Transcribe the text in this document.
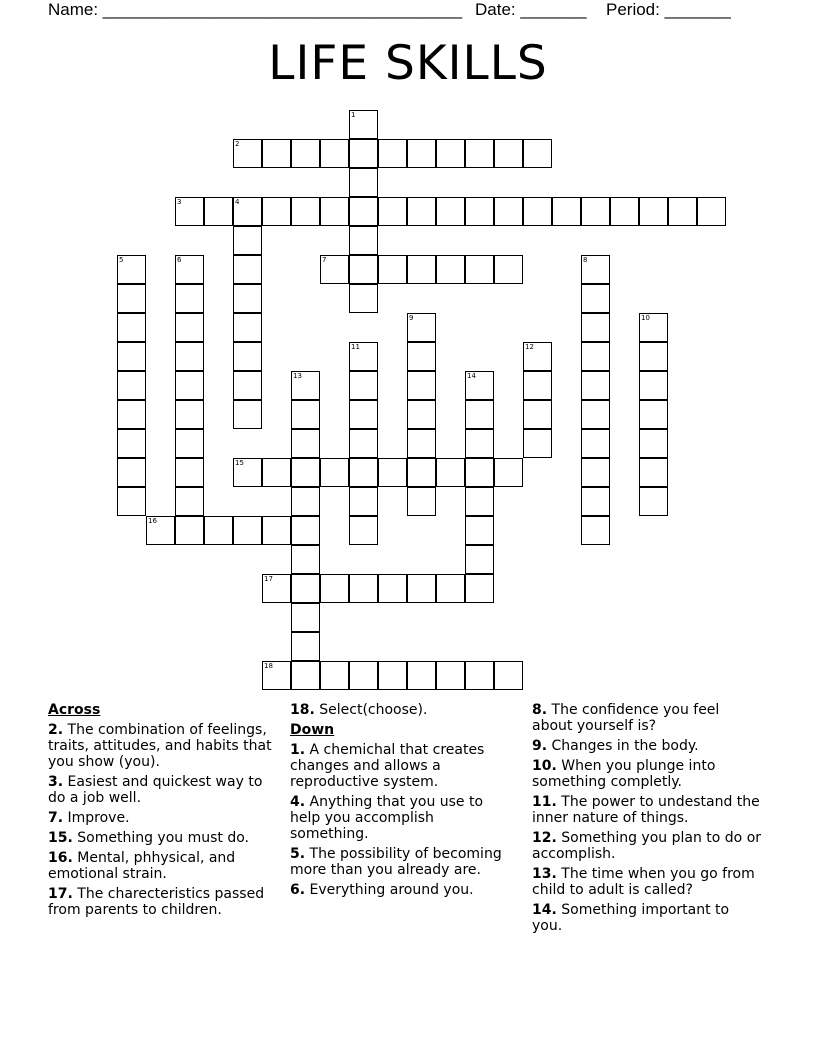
Name: ______________________________________ Date: _______ Period: _______
LIFE SKILLS
1
2
3	4
5	6	7	8
9	10
11	12
13	14
15
16
17
18
Across
2. The combination of feelings, traits, attitudes, and habits that you show (you).
3. Easiest and quickest way to do a job well.
7. Improve.
15. Something you must do.
16. Mental, phhysical, and emotional strain.
17. The charecteristics passed from parents to children.
18. Select(choose).
Down
1. A chemichal that creates changes and allows a reproductive system.
4. Anything that you use to help you accomplish something.
5. The possibility of becoming more than you already are.
6. Everything around you.
8. The confidence you feel about yourself is?
9. Changes in the body.
10. When you plunge into something completly.
11. The power to undestand the inner nature of things.
12. Something you plan to do or accomplish.
13. The time when you go from child to adult is called?
14. Something important to you.
